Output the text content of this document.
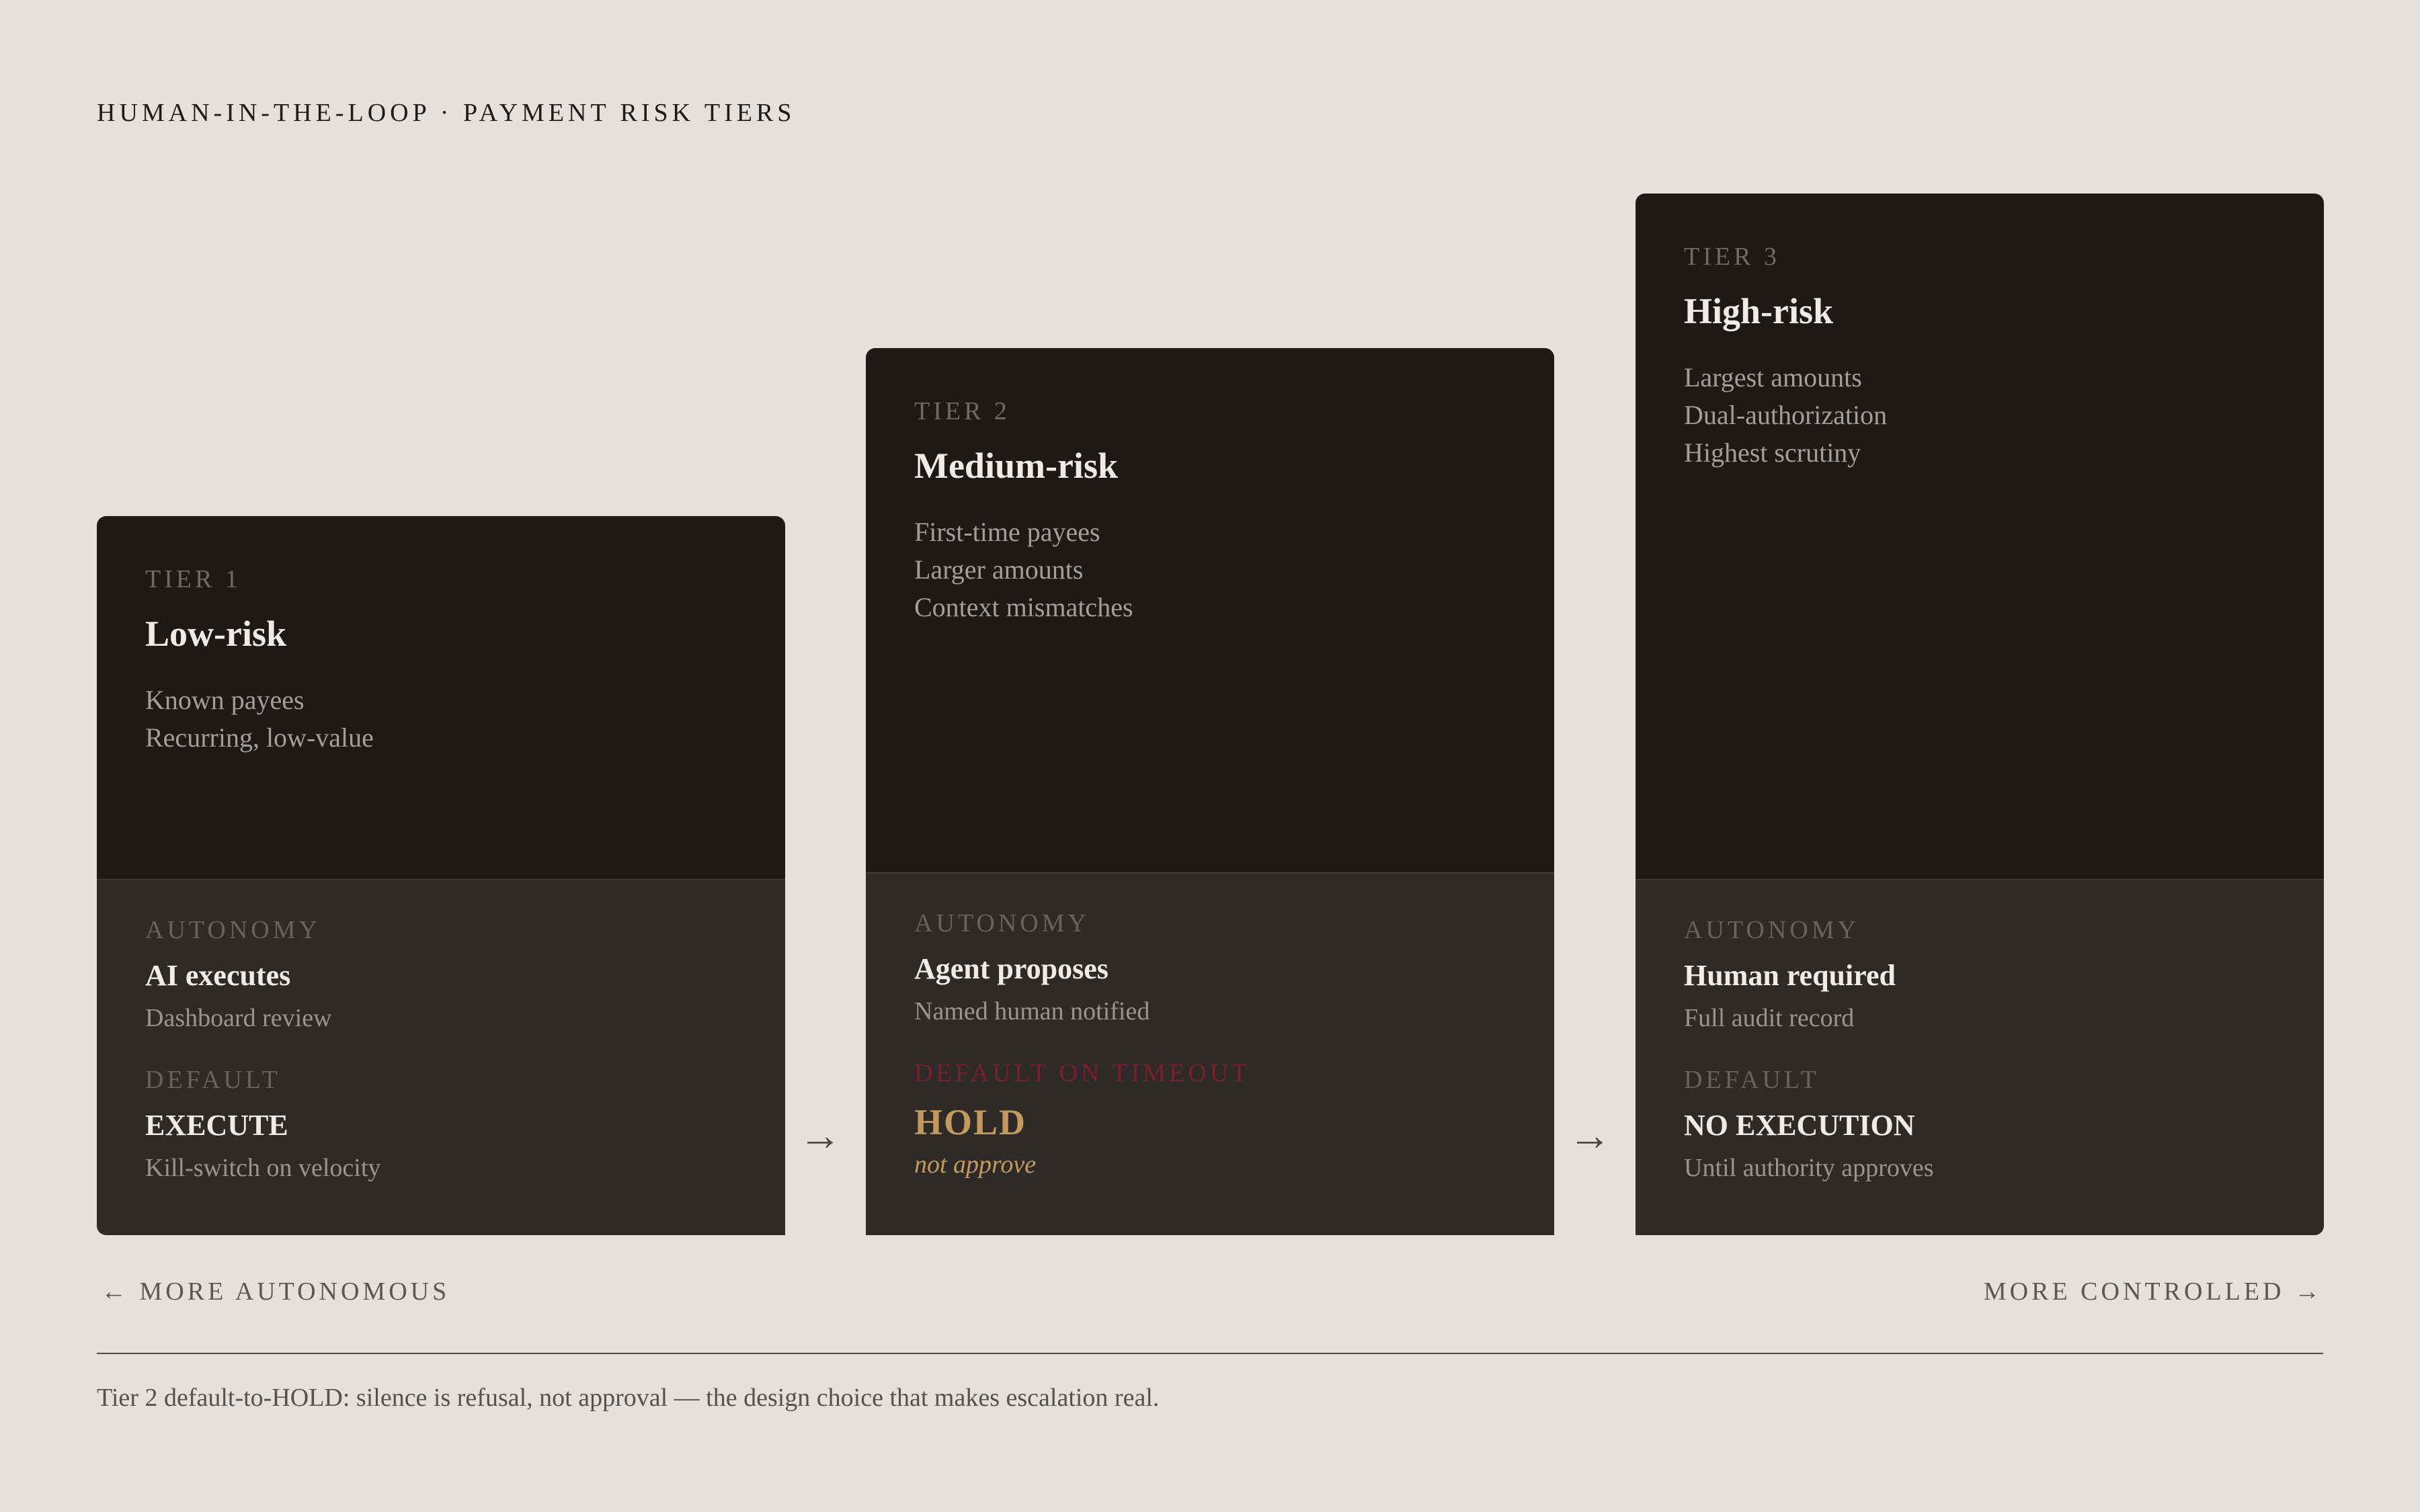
HUMAN-IN-THE-LOOP · PAYMENT RISK TIERS
TIER 1
Low-risk
Known payees
Recurring, low-value
AUTONOMY
AI executes
Dashboard review
DEFAULT
EXECUTE
Kill-switch on velocity
→
TIER 2
Medium-risk
First-time payees
Larger amounts
Context mismatches
AUTONOMY
Agent proposes
Named human notified
DEFAULT ON TIMEOUT
HOLD
not approve
→
TIER 3
High-risk
Largest amounts
Dual-authorization
Highest scrutiny
AUTONOMY
Human required
Full audit record
DEFAULT
NO EXECUTION
Until authority approves
← MORE AUTONOMOUS	MORE CONTROLLED →
Tier 2 default-to-HOLD: silence is refusal, not approval — the design choice that makes escalation real.
